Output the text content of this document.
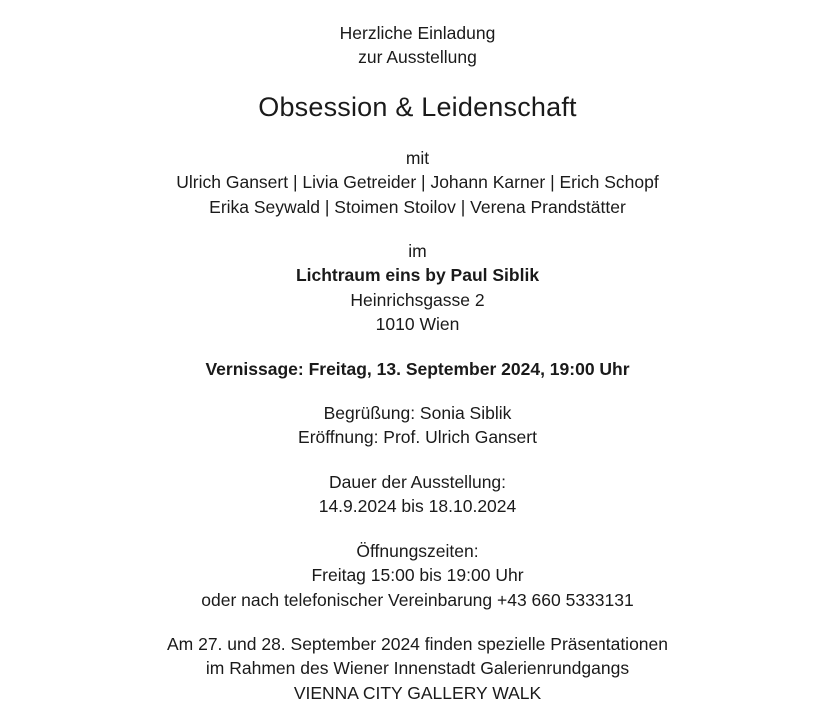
Herzliche Einladung
zur Ausstellung
Obsession & Leidenschaft
mit
Ulrich Gansert | Livia Getreider | Johann Karner | Erich Schopf
Erika Seywald | Stoimen Stoilov | Verena Prandstätter
im
Lichtraum eins by Paul Siblik
Heinrichsgasse 2
1010 Wien
Vernissage: Freitag, 13. September 2024, 19:00 Uhr
Begrüßung: Sonia Siblik
Eröffnung: Prof. Ulrich Gansert
Dauer der Ausstellung:
14.9.2024 bis 18.10.2024
Öffnungszeiten:
Freitag 15:00 bis 19:00 Uhr
oder nach telefonischer Vereinbarung +43 660 5333131
Am 27. und 28. September 2024 finden spezielle Präsentationen
im Rahmen des Wiener Innenstadt Galerienrundgangs
VIENNA CITY GALLERY WALK
